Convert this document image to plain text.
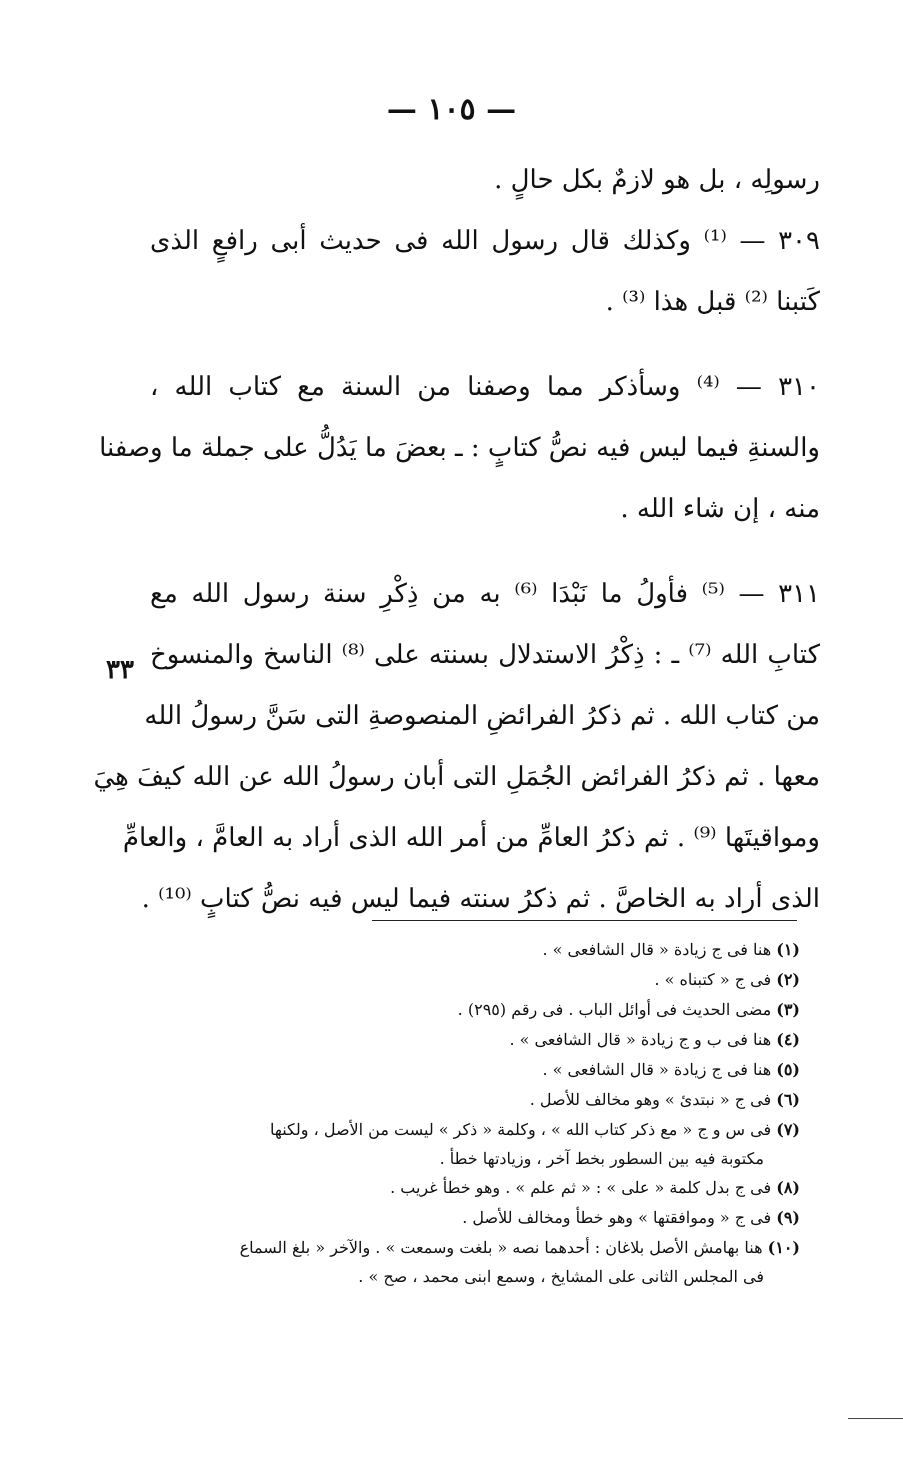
— ١٠٥ —
رسولِه ، بل هو لازمٌ بكل حالٍ .
٣٠٩ — ⁽¹⁾ وكذلك قال رسول الله فى حديث أبى رافعٍ الذى
كَتبنا ⁽²⁾ قبل هذا ⁽³⁾ .
٣١٠ — ⁽⁴⁾ وسأذكر مما وصفنا من السنة مع كتاب الله ،
والسنةِ فيما ليس فيه نصُّ كتابٍ : ـ بعضَ ما يَدُلُّ على جملة ما وصفنا
منه ، إن شاء الله .
٣١١ — ⁽⁵⁾ فأولُ ما نَبْدَا ⁽⁶⁾ به من ذِكْرِ سنة رسول الله مع
كتابِ الله ⁽⁷⁾ ـ : ذِكْرُ الاستدلال بسنته على ⁽⁸⁾ الناسخ والمنسوخ
من كتاب الله . ثم ذكرُ الفرائضِ المنصوصةِ التى سَنَّ رسولُ الله
معها . ثم ذكرُ الفرائض الجُمَلِ التى أبان رسولُ الله عن الله كيفَ هِيَ
ومواقيتَها ⁽⁹⁾ . ثم ذكرُ العامِّ من أمر الله الذى أراد به العامَّ ، والعامِّ
الذى أراد به الخاصَّ . ثم ذكرُ سنته فيما ليس فيه نصُّ كتابٍ ⁽¹⁰⁾ .
٣٣
(١) هنا فى ج زيادة « قال الشافعى » .
(٢) فى ج « كتبناه » .
(٣) مضى الحديث فى أوائل الباب . فى رقم (٢٩٥) .
(٤) هنا فى ب و ج زيادة « قال الشافعى » .
(٥) هنا فى ج زيادة « قال الشافعى » .
(٦) فى ج « نبتدئ » وهو مخالف للأصل .
(٧) فى س و ج « مع ذكر كتاب الله » ، وكلمة « ذكر » ليست من الأصل ، ولكنها
مكتوبة فيه بين السطور بخط آخر ، وزيادتها خطأ .
(٨) فى ج بدل كلمة « على » : « ثم علم » . وهو خطأ غريب .
(٩) فى ج « وموافقتها » وهو خطأ ومخالف للأصل .
(١٠) هنا بهامش الأصل بلاغان : أحدهما نصه « بلغت وسمعت » . والآخر « بلغ السماع
فى المجلس الثانى على المشايخ ، وسمع ابنى محمد ، صح » .
